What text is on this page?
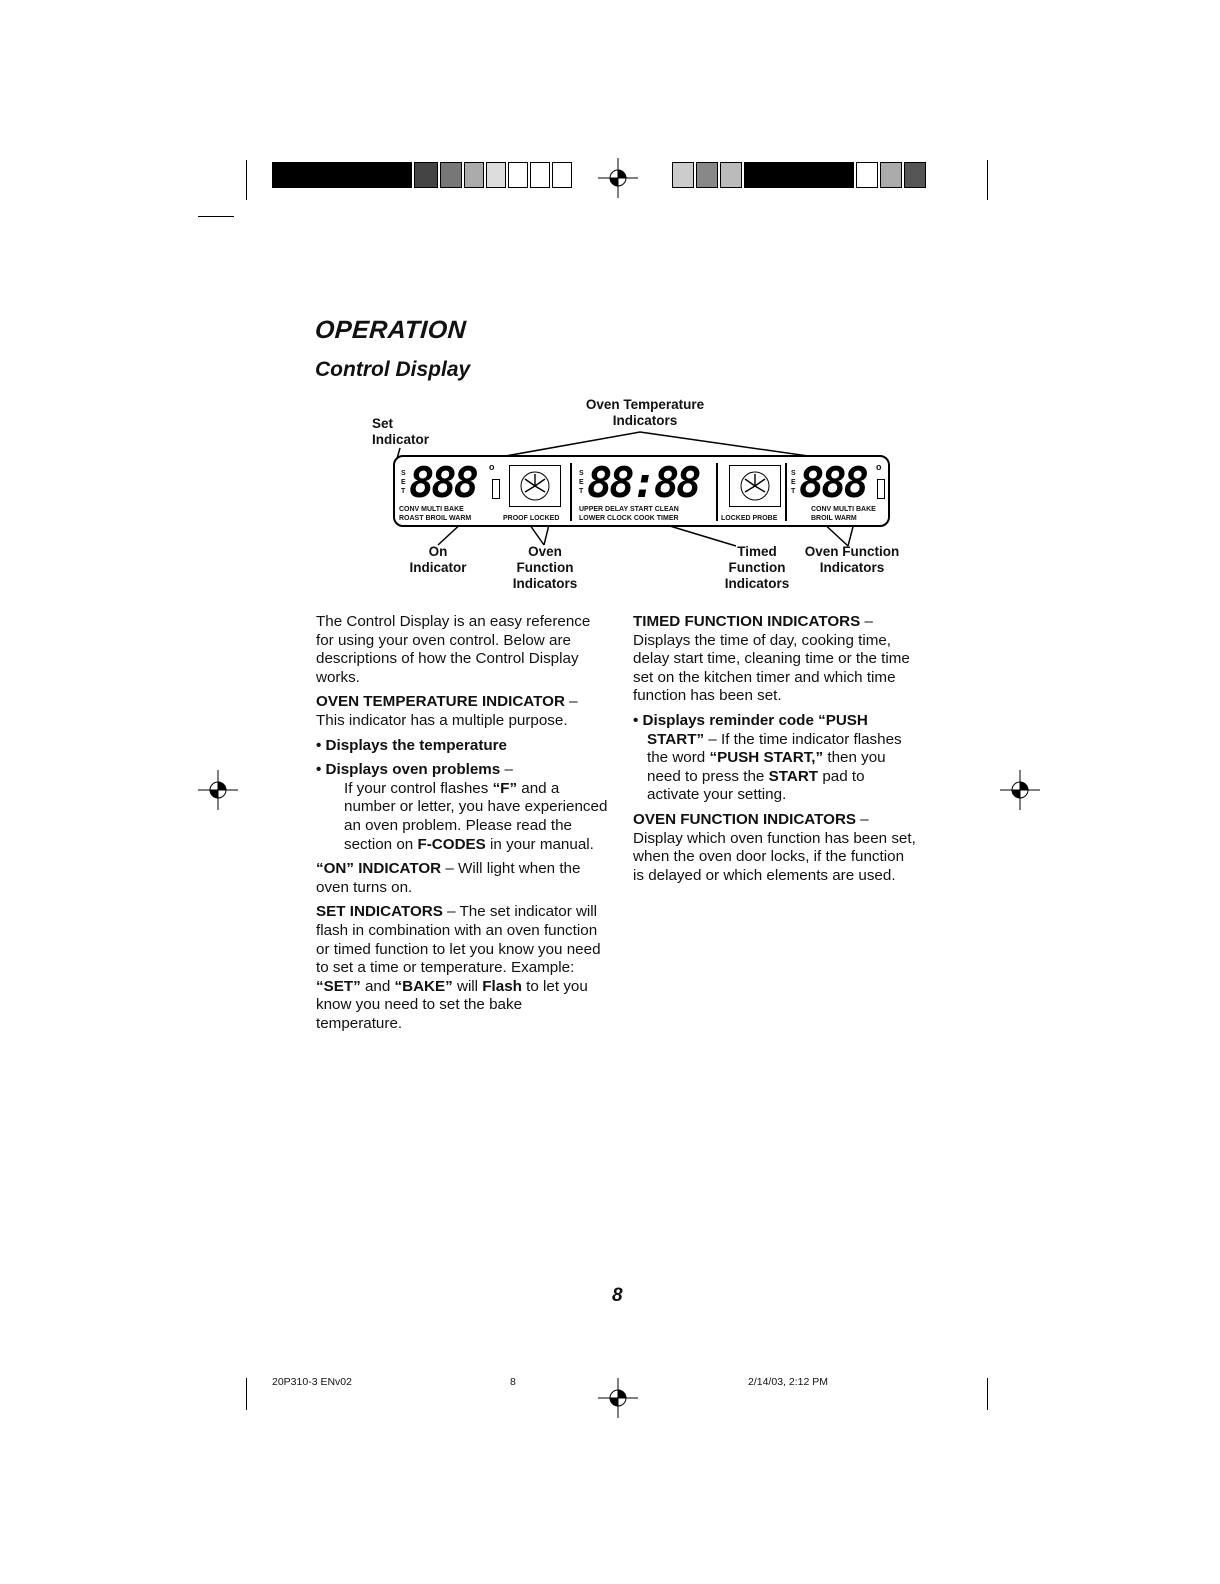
OPERATION
Control Display
Set
Indicator
Oven Temperature
Indicators
On
Indicator
Oven
Function
Indicators
Timed
Function
Indicators
Oven Function
Indicators
S
E
T 888 o
CONV MULTI BAKE
ROAST BROIL WARM	PROOF LOCKED
S
E
T 88:88
UPPER DELAY START CLEAN
LOWER CLOCK COOK TIMER	LOCKED PROBE
S
E
T 888 o
CONV MULTI BAKE
BROIL WARM

The Control Display is an easy reference for using your oven control. Below are descriptions of how the Control Display works.

OVEN TEMPERATURE INDICATOR – This indicator has a multiple purpose.

• Displays the temperature
• Displays oven problems –
If your control flashes “F” and a number or letter, you have experienced an oven problem. Please read the section on F-CODES in your manual.

“ON” INDICATOR – Will light when the oven turns on.

SET INDICATORS – The set indicator will flash in combination with an oven function or timed function to let you know you need to set a time or temperature. Example: “SET” and “BAKE” will Flash to let you know you need to set the bake temperature.

TIMED FUNCTION INDICATORS – Displays the time of day, cooking time, delay start time, cleaning time or the time set on the kitchen timer and which time function has been set.

• Displays reminder code “PUSH START” – If the time indicator flashes the word “PUSH START,” then you need to press the START pad to activate your setting.

OVEN FUNCTION INDICATORS – Display which oven function has been set, when the oven door locks, if the function is delayed or which elements are used.

8
20P310-3 ENv02	8	2/14/03, 2:12 PM
